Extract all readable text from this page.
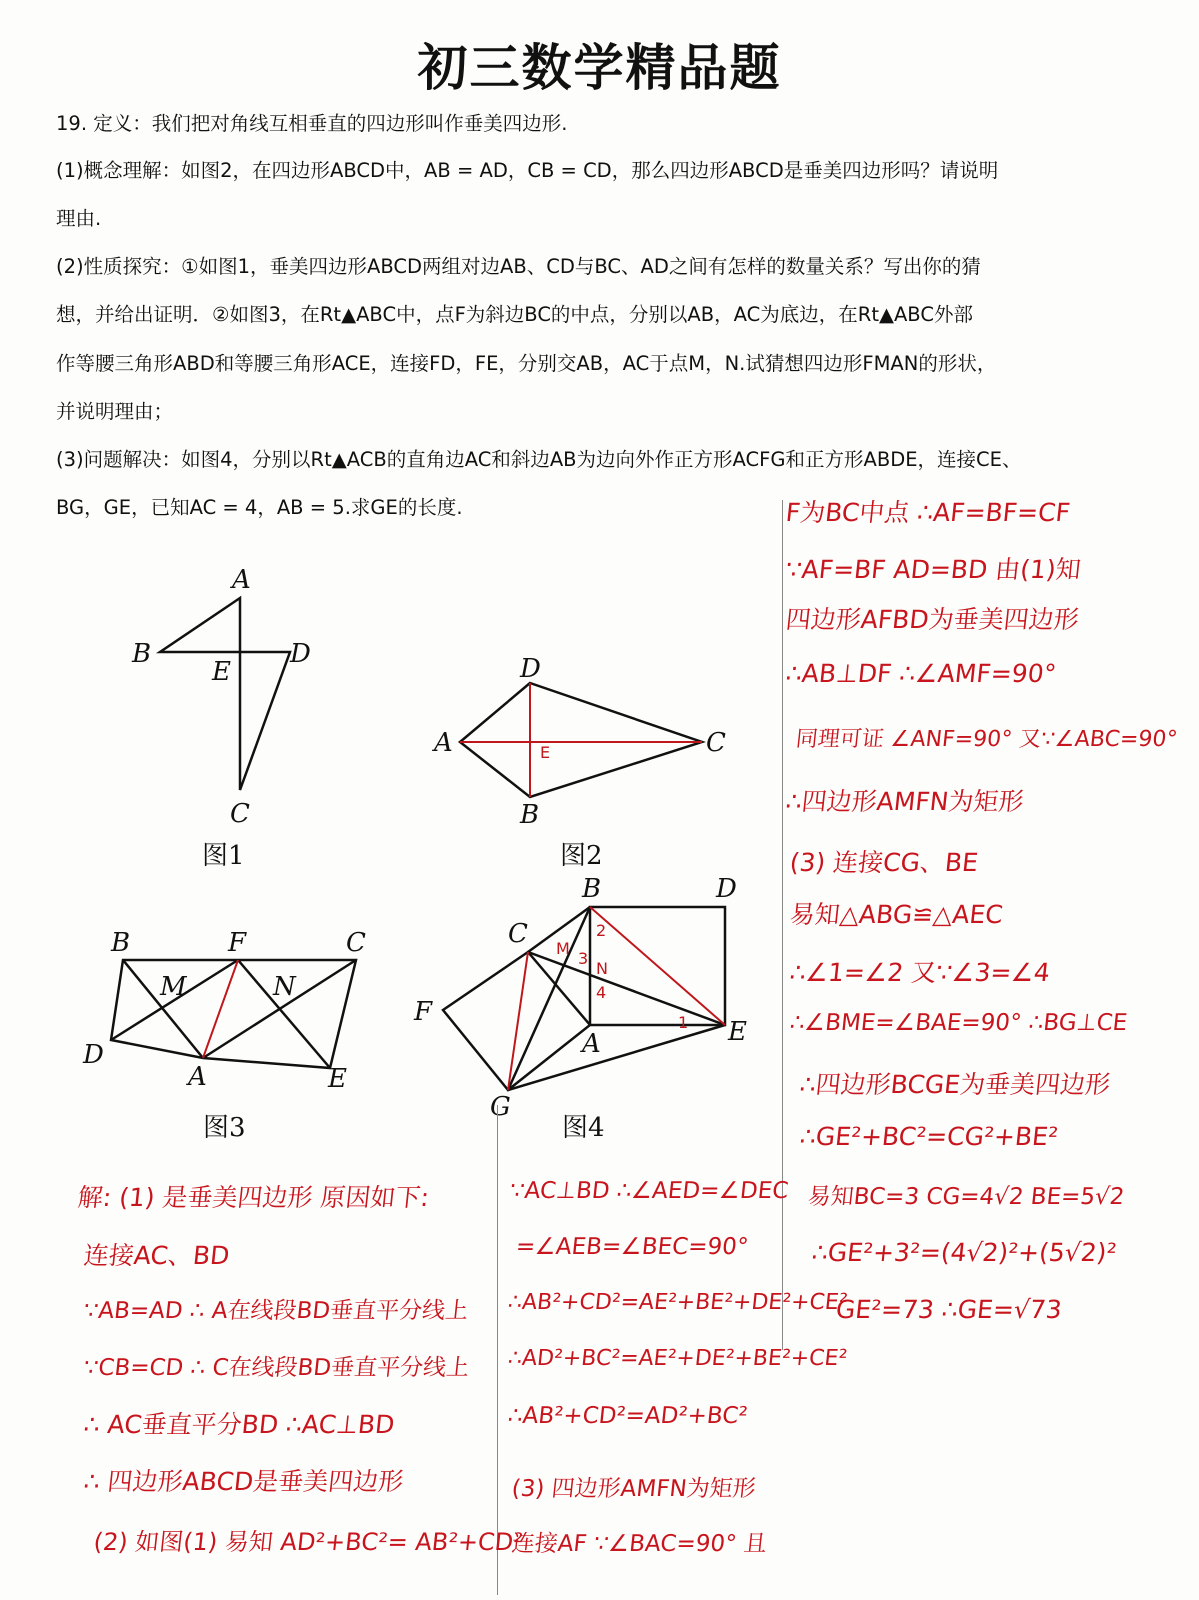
初三数学精品题
19. 定义：我们把对角线互相垂直的四边形叫作垂美四边形.
(1)概念理解：如图2，在四边形ABCD中，AB = AD，CB = CD，那么四边形ABCD是垂美四边形吗？请说明
理由.
(2)性质探究：①如图1，垂美四边形ABCD两组对边AB、CD与BC、AD之间有怎样的数量关系？写出你的猜
想，并给出证明．②如图3，在Rt▲ABC中，点F为斜边BC的中点，分别以AB，AC为底边，在Rt▲ABC外部
作等腰三角形ABD和等腰三角形ACE，连接FD，FE，分别交AB，AC于点M，N.试猜想四边形FMAN的形状，
并说明理由；
(3)问题解决：如图4，分别以Rt▲ACB的直角边AC和斜边AB为边向外作正方形ACFG和正方形ABDE，连接CE、
BG，GE，已知AC = 4，AB = 5.求GE的长度.
A
B	D
E
C
图1
D
A	C
B
E
图2
B	F	C
M	N
D
A	E
图3
B	D
C
F
E
A
G
M
N
1
2
3
4
图4
F为BC中点 ∴AF=BF=CF
∵AF=BF AD=BD 由(1)知
四边形AFBD为垂美四边形
∴AB⊥DF ∴∠AMF=90°
同理可证 ∠ANF=90° 又∵∠ABC=90°
∴四边形AMFN为矩形
(3) 连接CG、BE
易知△ABG≌△AEC
∴∠1=∠2 又∵∠3=∠4
∴∠BME=∠BAE=90° ∴BG⊥CE
∴四边形BCGE为垂美四边形
∴GE²+BC²=CG²+BE²
易知BC=3 CG=4√2 BE=5√2
∴GE²+3²=(4√2)²+(5√2)²
GE²=73 ∴GE=√73
解: (1) 是垂美四边形 原因如下:
连接AC、BD
∵AB=AD ∴ A在线段BD垂直平分线上
∵CB=CD ∴ C在线段BD垂直平分线上
∴ AC垂直平分BD ∴AC⊥BD
∴ 四边形ABCD是垂美四边形
(2) 如图(1) 易知 AD²+BC²= AB²+CD²
∵AC⊥BD ∴∠AED=∠DEC
=∠AEB=∠BEC=90°
∴AB²+CD²=AE²+BE²+DE²+CE²
∴AD²+BC²=AE²+DE²+BE²+CE²
∴AB²+CD²=AD²+BC²
(3) 四边形AMFN为矩形
连接AF ∵∠BAC=90° 且
